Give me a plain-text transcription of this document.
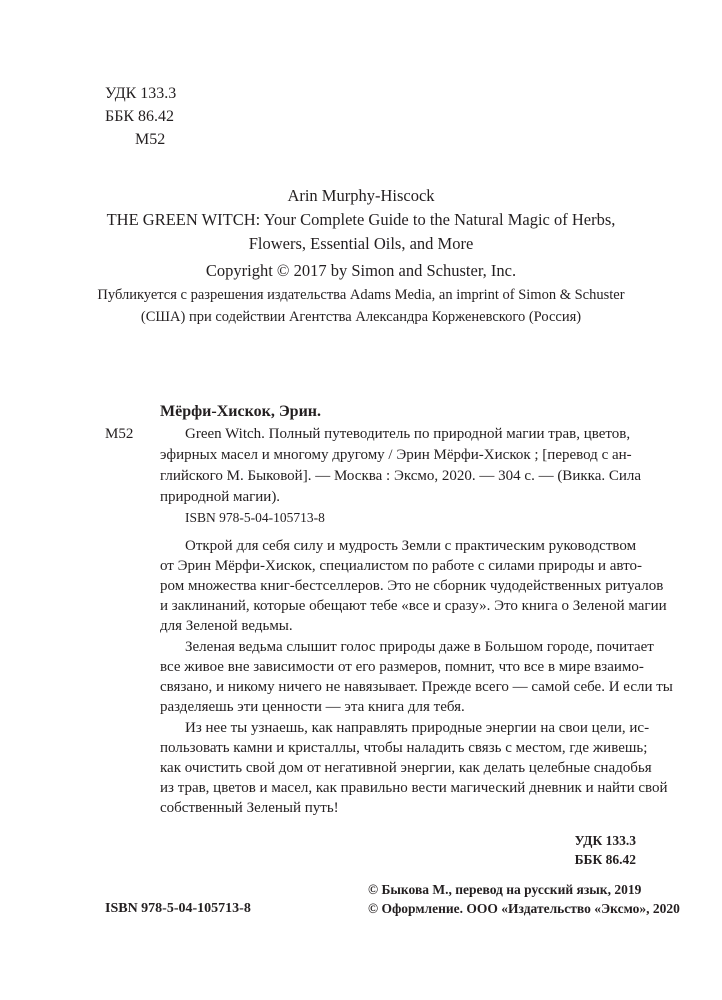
УДК 133.3
ББК 86.42
М52
Arin Murphy-Hiscock
THE GREEN WITCH: Your Complete Guide to the Natural Magic of Herbs,
Flowers, Essential Oils, and More
Copyright © 2017 by Simon and Schuster, Inc.
Публикуется с разрешения издательства Adams Media, an imprint of Simon & Schuster
(США) при содействии Агентства Александра Корженевского (Россия)
Мёрфи-Хискок, Эрин.
М52	Green Witch. Полный путеводитель по природной магии трав, цветов,
эфирных масел и многому другому / Эрин Мёрфи-Хискок ; [перевод с ан-
глийского М. Быковой]. — Москва : Эксмо, 2020. — 304 с. — (Викка. Сила
природной магии).
ISBN 978-5-04-105713-8
Открой для себя силу и мудрость Земли с практическим руководством
от Эрин Мёрфи-Хискок, специалистом по работе с силами природы и авто-
ром множества книг-бестселлеров. Это не сборник чудодейственных ритуалов
и заклинаний, которые обещают тебе «все и сразу». Это книга о Зеленой магии
для Зеленой ведьмы.
Зеленая ведьма слышит голос природы даже в Большом городе, почитает
все живое вне зависимости от его размеров, помнит, что все в мире взаимо-
связано, и никому ничего не навязывает. Прежде всего — самой себе. И если ты
разделяешь эти ценности — эта книга для тебя.
Из нее ты узнаешь, как направлять природные энергии на свои цели, ис-
пользовать камни и кристаллы, чтобы наладить связь с местом, где живешь;
как очистить свой дом от негативной энергии, как делать целебные снадобья
из трав, цветов и масел, как правильно вести магический дневник и найти свой
собственный Зеленый путь!
УДК 133.3
ББК 86.42
ISBN 978-5-04-105713-8
© Быкова М., перевод на русский язык, 2019
© Оформление. ООО «Издательство «Эксмо», 2020
